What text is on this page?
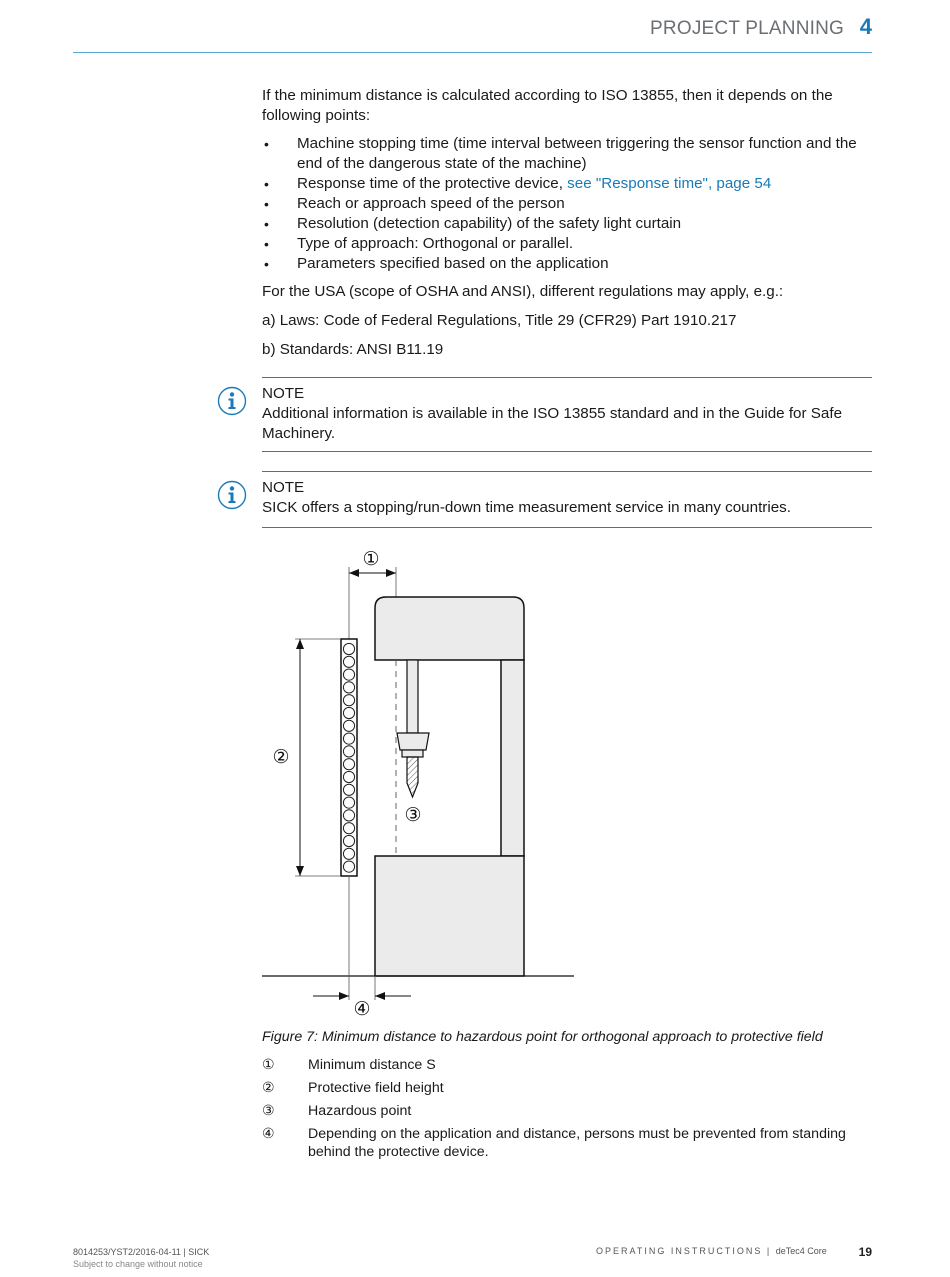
PROJECT PLANNING 4

If the minimum distance is calculated according to ISO 13855, then it depends on the following points:

• Machine stopping time (time interval between triggering the sensor function and the end of the dangerous state of the machine)
• Response time of the protective device, see "Response time", page 54
• Reach or approach speed of the person
• Resolution (detection capability) of the safety light curtain
• Type of approach: Orthogonal or parallel.
• Parameters specified based on the application

For the USA (scope of OSHA and ANSI), different regulations may apply, e.g.:

a) Laws: Code of Federal Regulations, Title 29 (CFR29) Part 1910.217

b) Standards: ANSI B11.19

NOTE
Additional information is available in the ISO 13855 standard and in the Guide for Safe Machinery.
NOTE
SICK offers a stopping/run-down time measurement service in many countries.
①
③
②
④
Figure 7: Minimum distance to hazardous point for orthogonal approach to protective field
① Minimum distance S
② Protective field height
③ Hazardous point
④ Depending on the application and distance, persons must be prevented from standing behind the protective device.
8014253/YST2/2016-04-11 | SICK
Subject to change without notice
OPERATING INSTRUCTIONS | deTec4 Core	19
